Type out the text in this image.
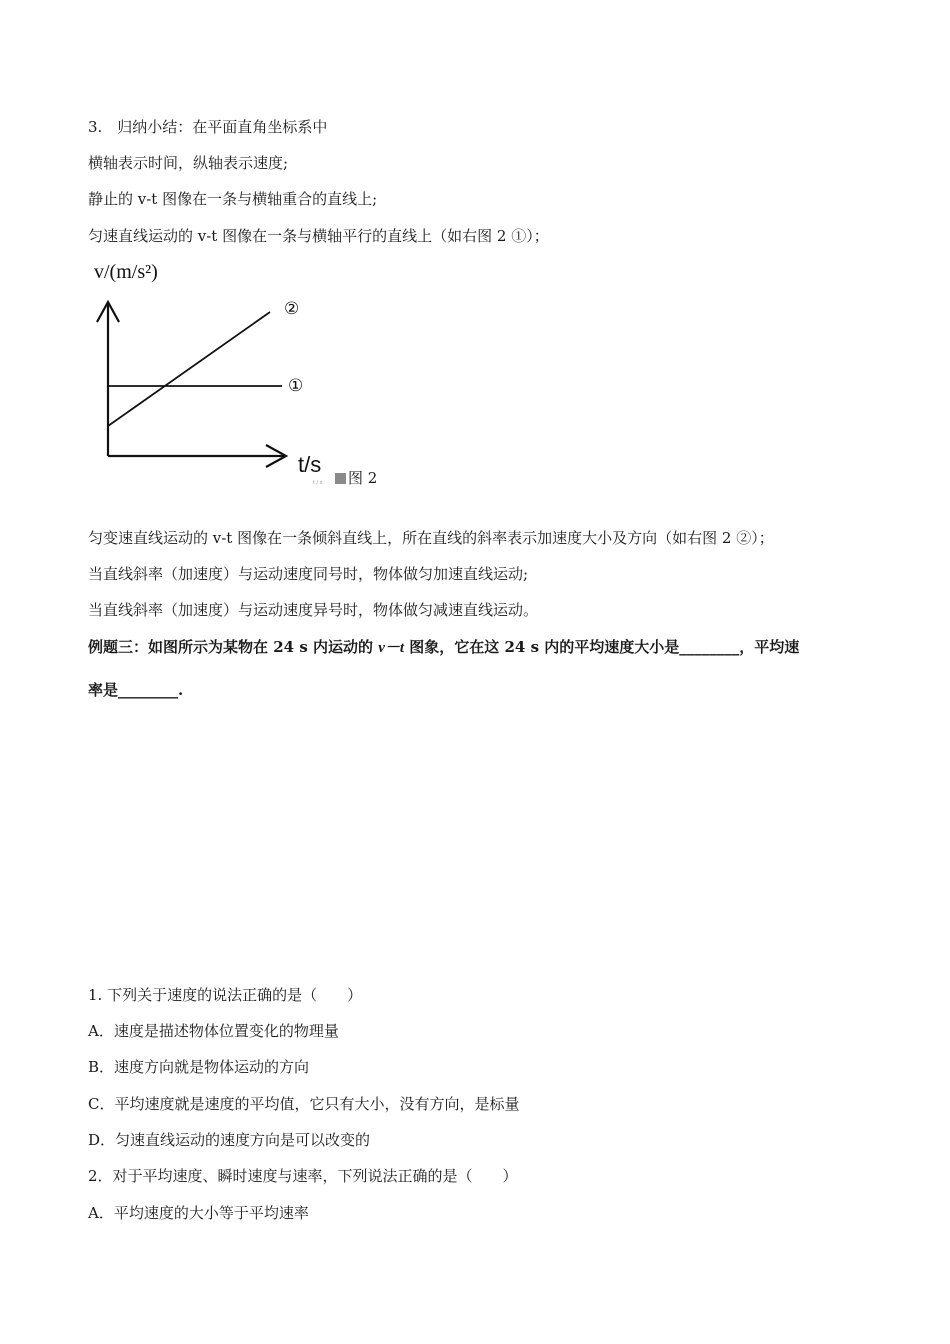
3.　归纳小结：在平面直角坐标系中
横轴表示时间，纵轴表示速度;
静止的 v-t 图像在一条与横轴重合的直线上;
匀速直线运动的 v-t 图像在一条与横轴平行的直线上（如右图 2 ①）；
v/(m/s²)
t/s
①
②
t / s	图 2
匀变速直线运动的 v-t 图像在一条倾斜直线上，所在直线的斜率表示加速度大小及方向（如右图 2 ②）；
当直线斜率（加速度）与运动速度同号时，物体做匀加速直线运动;
当直线斜率（加速度）与运动速度异号时，物体做匀减速直线运动。
例题三：如图所示为某物在 24 s 内运动的 v－t 图象，它在这 24 s 内的平均速度大小是________，平均速
率是________.
1. 下列关于速度的说法正确的是（　　）
A．速度是描述物体位置变化的物理量
B．速度方向就是物体运动的方向
C．平均速度就是速度的平均值，它只有大小，没有方向，是标量
D．匀速直线运动的速度方向是可以改变的
2．对于平均速度、瞬时速度与速率，下列说法正确的是（　　）
A．平均速度的大小等于平均速率
